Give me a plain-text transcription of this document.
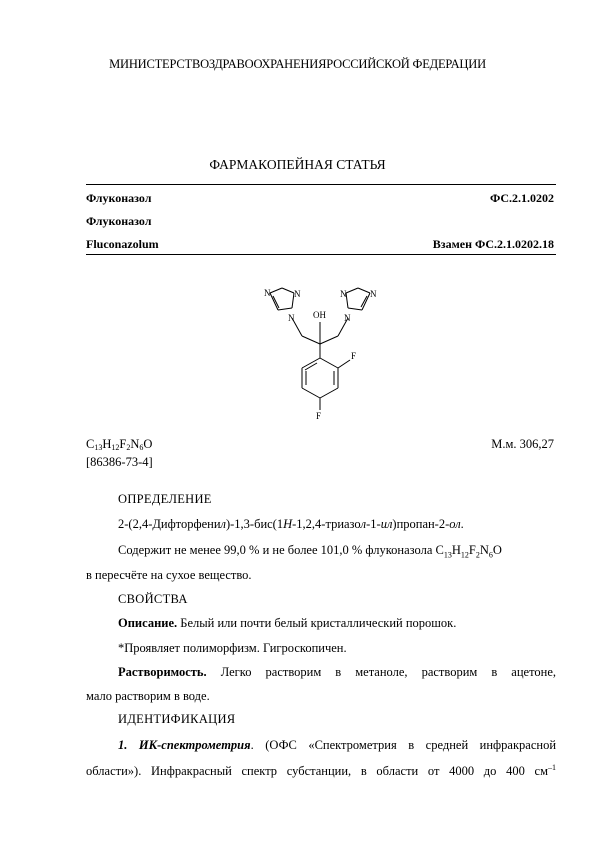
МИНИСТЕРСТВОЗДРАВООХРАНЕНИЯРОССИЙСКОЙ ФЕДЕРАЦИИ
ФАРМАКОПЕЙНАЯ СТАТЬЯ
Флуконазол	ФС.2.1.0202
Флуконазол
Fluconazolum	Взамен ФС.2.1.0202.18
N	N
N
N	N
N
OH
F
F
$C_{13}H_{12}F_2N_6O$
[86386-73-4]
М.м. 306,27
ОПРЕДЕЛЕНИЕ
2-(2,4-Дифторфенил)-1,3-бис(1Н-1,2,4-триазол-1-ил)пропан-2-ол.
Содержит не менее 99,0 % и не более 101,0 % флуконазола $C_{13}H_{12}F_2N_6O$
в пересчёте на сухое вещество.
СВОЙСТВА
Описание. Белый или почти белый кристаллический порошок.
*Проявляет полиморфизм. Гигроскопичен.
Растворимость. Легко растворим в метаноле, растворим в ацетоне,
мало растворим в воде.
ИДЕНТИФИКАЦИЯ
1. ИК-спектрометрия. (ОФС «Спектрометрия в средней инфракрасной
области»). Инфракрасный спектр субстанции, в области от 4000 до 400 $см^{-1}$
